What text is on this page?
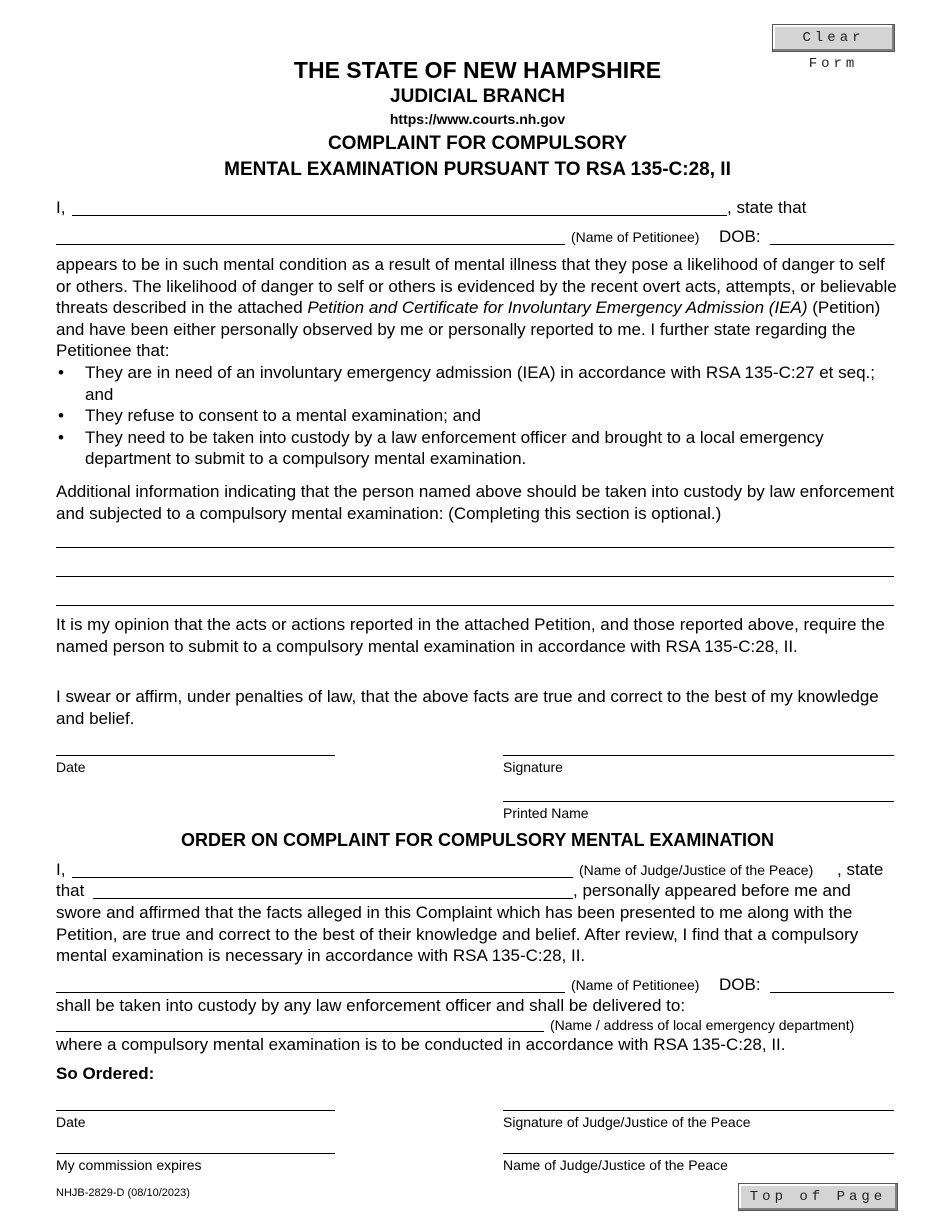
Clear Form
THE STATE OF NEW HAMPSHIRE
JUDICIAL BRANCH
https://www.courts.nh.gov
COMPLAINT FOR COMPULSORY
MENTAL EXAMINATION PURSUANT TO RSA 135-C:28, II
I,	, state that
(Name of Petitionee) DOB:
appears to be in such mental condition as a result of mental illness that they pose a likelihood of danger to self or others. The likelihood of danger to self or others is evidenced by the recent overt acts, attempts, or believable threats described in the attached Petition and Certificate for Involuntary Emergency Admission (IEA) (Petition) and have been either personally observed by me or personally reported to me. I further state regarding the Petitionee that:
• They are in need of an involuntary emergency admission (IEA) in accordance with RSA 135-C:27 et seq.; and
• They refuse to consent to a mental examination; and
• They need to be taken into custody by a law enforcement officer and brought to a local emergency department to submit to a compulsory mental examination.
Additional information indicating that the person named above should be taken into custody by law enforcement and subjected to a compulsory mental examination: (Completing this section is optional.)
It is my opinion that the acts or actions reported in the attached Petition, and those reported above, require the named person to submit to a compulsory mental examination in accordance with RSA 135-C:28, II.
I swear or affirm, under penalties of law, that the above facts are true and correct to the best of my knowledge and belief.
Date	Signature
Printed Name
ORDER ON COMPLAINT FOR COMPULSORY MENTAL EXAMINATION
I,	(Name of Judge/Justice of the Peace) , state
that	, personally appeared before me and
swore and affirmed that the facts alleged in this Complaint which has been presented to me along with the Petition, are true and correct to the best of their knowledge and belief. After review, I find that a compulsory mental examination is necessary in accordance with RSA 135-C:28, II.
(Name of Petitionee) DOB:
shall be taken into custody by any law enforcement officer and shall be delivered to:
(Name / address of local emergency department)
where a compulsory mental examination is to be conducted in accordance with RSA 135-C:28, II.
So Ordered:
Date	Signature of Judge/Justice of the Peace
My commission expires	Name of Judge/Justice of the Peace
NHJB-2829-D (08/10/2023)	Top of Page
